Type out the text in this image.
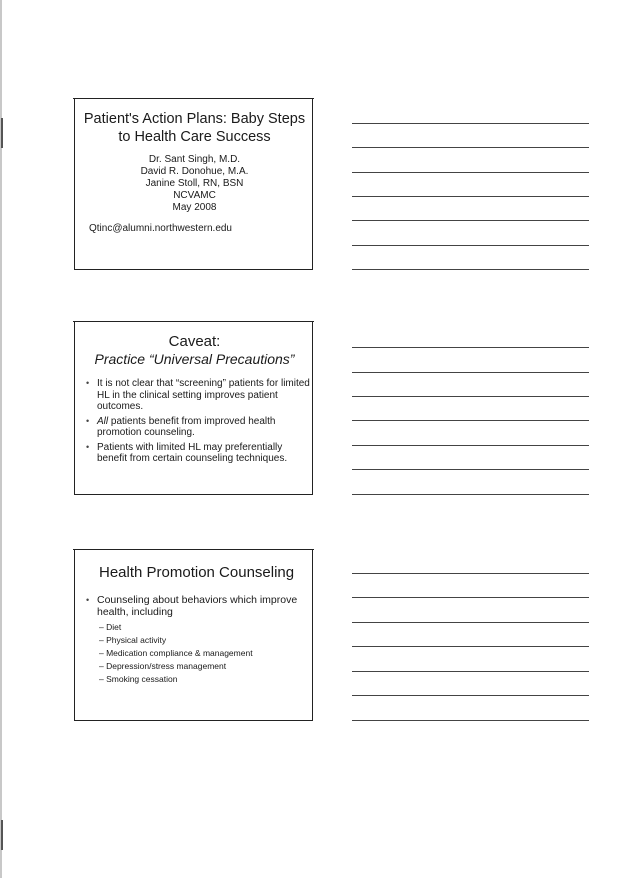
Patient's Action Plans: Baby Steps
to Health Care Success
Dr. Sant Singh, M.D.
David R. Donohue, M.A.
Janine Stoll, RN, BSN
NCVAMC
May 2008
Qtinc@alumni.northwestern.edu
Caveat:
Practice “Universal Precautions”
• It is not clear that “screening” patients for limited HL in the clinical setting improves patient outcomes.
• All patients benefit from improved health promotion counseling.
• Patients with limited HL may preferentially benefit from certain counseling techniques.
Health Promotion Counseling
• Counseling about behaviors which improve health, including
– Diet
– Physical activity
– Medication compliance & management
– Depression/stress management
– Smoking cessation
